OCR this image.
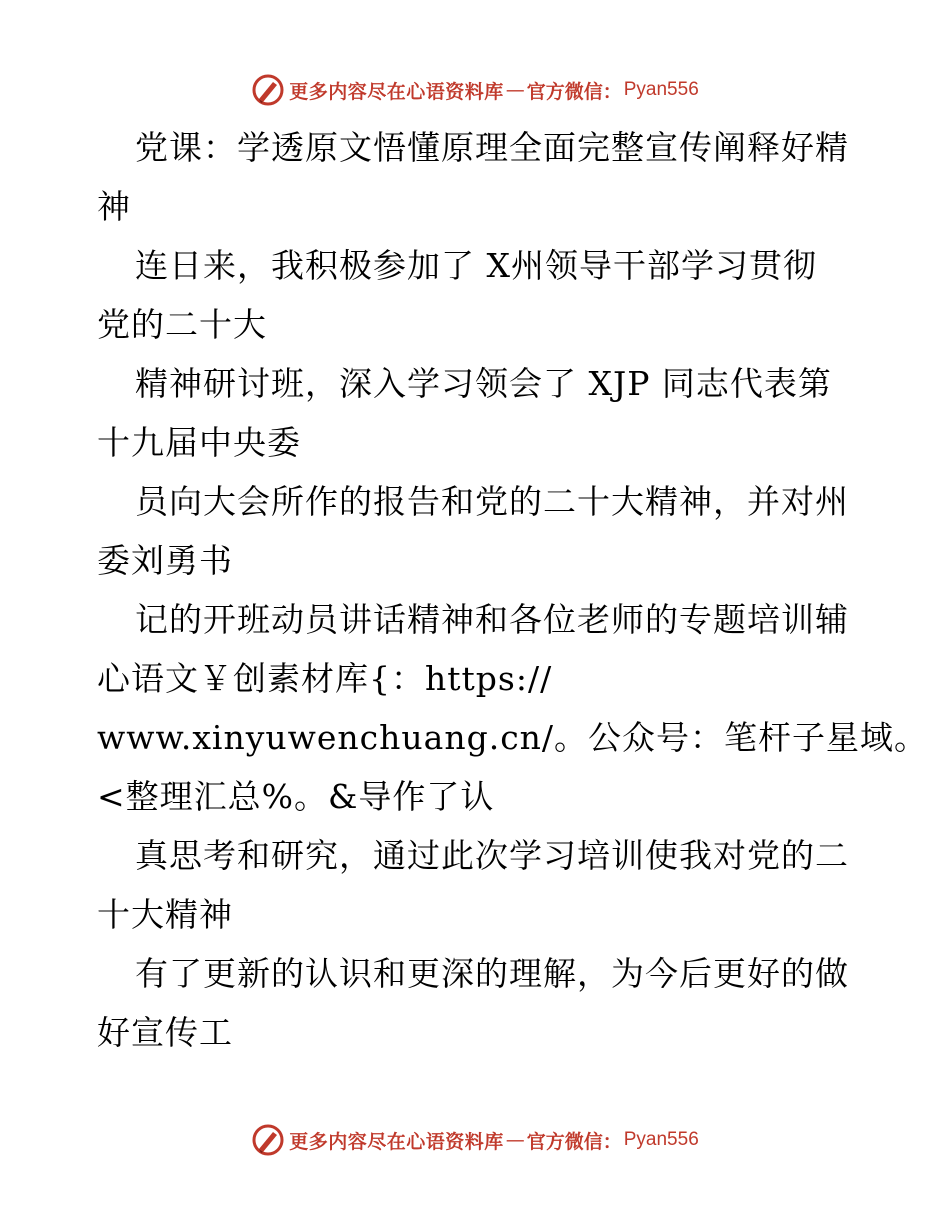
更多内容尽在心语资料库 — 官方微信： Pyan556
党课：学透原文悟懂原理全面完整宣传阐释好精
神
连日来，我积极参加了 X州领导干部学习贯彻
党的二十大
精神研讨班，深入学习领会了 XJP 同志代表第
十九届中央委
员向大会所作的报告和党的二十大精神，并对州
委刘勇书
记的开班动员讲话精神和各位老师的专题培训辅
心语文￥创素材库{：https://
www.xinyuwenchuang.cn/。公众号：笔杆子星域。
<整理汇总%。&导作了认
真思考和研究，通过此次学习培训使我对党的二
十大精神
有了更新的认识和更深的理解，为今后更好的做
好宣传工
更多内容尽在心语资料库 — 官方微信： Pyan556
